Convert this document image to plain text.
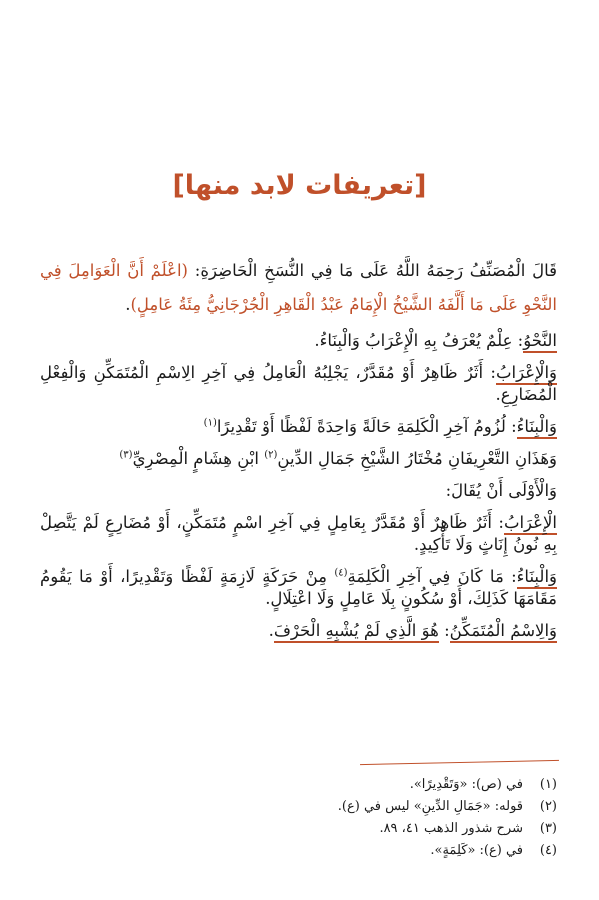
[تعريفات لابد منها]

قَالَ الْمُصَنِّفُ رَحِمَهُ اللَّهُ عَلَى مَا فِي النُّسَخِ الْحَاضِرَةِ: (اعْلَمْ أَنَّ الْعَوَامِلَ فِي النَّحْوِ عَلَى مَا أَلَّفَهُ الشَّيْخُ الْإِمَامُ عَبْدُ الْقَاهِرِ الْجُرْجَانِيُّ مِئَةُ عَامِلٍ).

النَّحْوُ: عِلْمٌ يُعْرَفُ بِهِ الْإِعْرَابُ وَالْبِنَاءُ.

وَالْإِعْرَابُ: أَثَرٌ ظَاهِرٌ أَوْ مُقَدَّرٌ، يَجْلِبُهُ الْعَامِلُ فِي آخِرِ الِاسْمِ الْمُتَمَكِّنِ وَالْفِعْلِ الْمُضَارِعِ.

وَالْبِنَاءُ: لُزُومُ آخِرِ الْكَلِمَةِ حَالَةً وَاحِدَةً لَفْظًا أَوْ تَقْدِيرًا$^{(١)}$

وَهَذَانِ التَّعْرِيفَانِ مُخْتَارُ الشَّيْخِ جَمَالِ الدِّينِ$^{(٢)}$ ابْنِ هِشَامٍ الْمِصْرِيِّ$^{(٣)}$

وَالْأَوْلَى أَنْ يُقَالَ:

الْإِعْرَابُ: أَثَرٌ ظَاهِرٌ أَوْ مُقَدَّرٌ بِعَامِلٍ فِي آخِرِ اسْمٍ مُتَمَكِّنٍ، أَوْ مُضَارِعٍ لَمْ يَتَّصِلْ بِهِ نُونُ إِنَاثٍ وَلَا تَأْكِيدٍ.

وَالْبِنَاءُ: مَا كَانَ فِي آخِرِ الْكَلِمَةِ$^{(٤)}$ مِنْ حَرَكَةٍ لَازِمَةٍ لَفْظًا وَتَقْدِيرًا، أَوْ مَا يَقُومُ مَقَامَهَا كَذَلِكَ، أَوْ سُكُونٍ بِلَا عَامِلٍ وَلَا اعْتِلَالٍ.

وَالِاسْمُ الْمُتَمَكِّنُ: هُوَ الَّذِي لَمْ يُشْبِهِ الْحَرْفَ.

(١)
في (ص): «وَتَقْدِيرًا».
(٢)
قوله: «جَمَالِ الدِّينِ» ليس في (ع).
(٣)
شرح شذور الذهب ٤١، ٨٩.
(٤)
في (ع): «كَلِمَةٍ».
